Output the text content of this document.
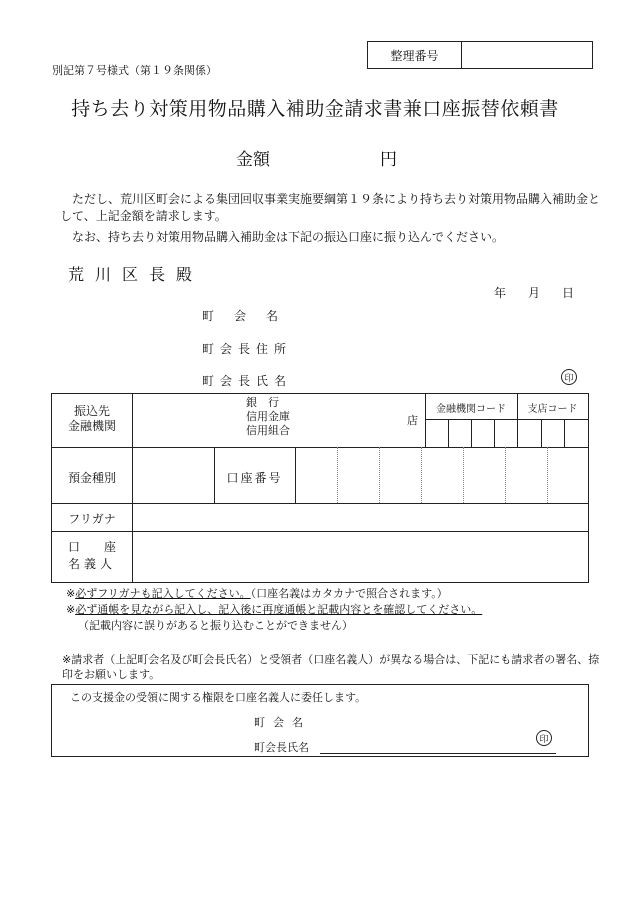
整理番号
別記第７号様式（第１９条関係）
持ち去り対策用物品購入補助金請求書兼口座振替依頼書
金額	円
ただし、荒川区町会による集団回収事業実施要綱第１９条により持ち去り対策用物品購入補助金として、上記金額を請求します。
なお、持ち去り対策用物品購入補助金は下記の振込口座に振り込んでください。
荒川区長殿
年 月 日
町会名
町会長住所
町会長氏名	印
振込先
金融機関
銀　行
信用金庫
信用組合
店
金融機関コード	支店コード
預金種別	口座番号
フリガナ
口　　座
名義人
※必ずフリガナも記入してください。（口座名義はカタカナで照合されます。）
※必ず通帳を見ながら記入し、記入後に再度通帳と記載内容とを確認してください。
（記載内容に誤りがあると振り込むことができません）
※請求者（上記町会名及び町会長氏名）と受領者（口座名義人）が異なる場合は、下記にも請求者の署名、捺印をお願いします。
この支援金の受領に関する権限を口座名義人に委任します。
町会名
町会長氏名
印
